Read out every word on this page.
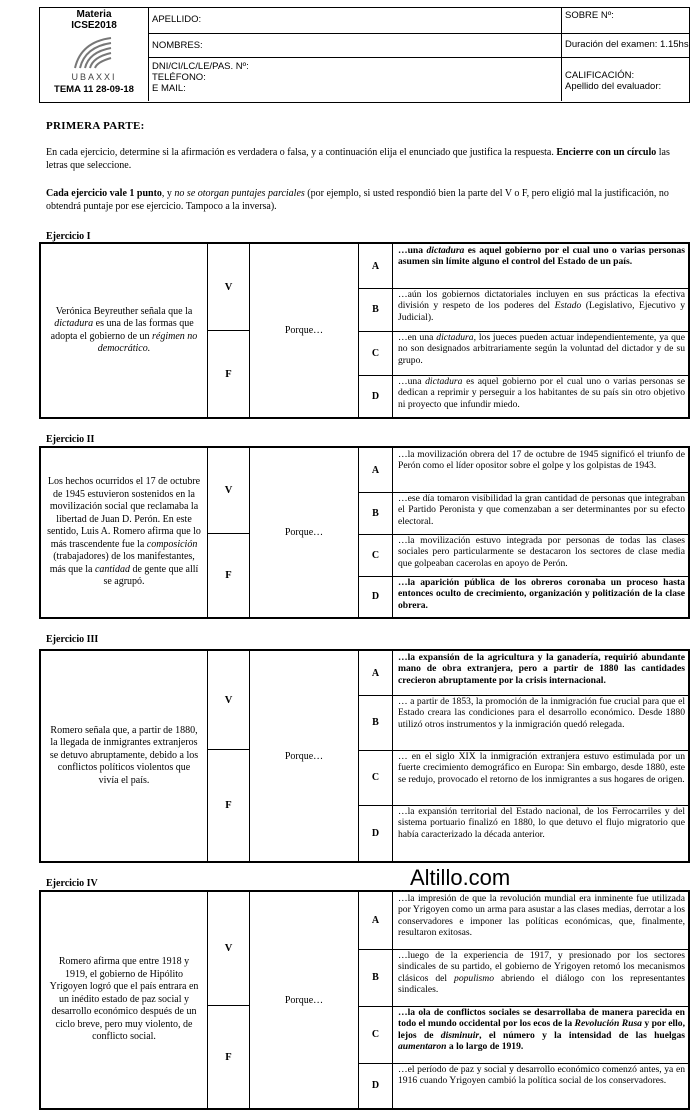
Materia
ICSE2018
UBAXXI
TEMA 11 28-09-18
APELLIDO:
NOMBRES:
DNI/CI/LC/LE/PAS. Nº:
TELÉFONO:
E MAIL:
SOBRE Nº:
Duración del examen: 1.15hs
CALIFICACIÓN:
Apellido del evaluador:
PRIMERA PARTE:
En cada ejercicio, determine si la afirmación es verdadera o falsa, y a continuación elija el enunciado que justifica la respuesta. Encierre con un círculo las letras que seleccione.
Cada ejercicio vale 1 punto, y no se otorgan puntajes parciales (por ejemplo, si usted respondió bien la parte del V o F, pero eligió mal la justificación, no obtendrá puntaje por ese ejercicio. Tampoco a la inversa).
Ejercicio I
Verónica Beyreuther señala que la dictadura es una de las formas que adopta el gobierno de un régimen no democrático.
V
F
Porque…
A
B
C
D
…una dictadura es aquel gobierno por el cual uno o varias personas asumen sin límite alguno el control del Estado de un país.
…aún los gobiernos dictatoriales incluyen en sus prácticas la efectiva división y respeto de los poderes del Estado (Legislativo, Ejecutivo y Judicial).
…en una dictadura, los jueces pueden actuar independientemente, ya que no son designados arbitrariamente según la voluntad del dictador y de su grupo.
…una dictadura es aquel gobierno por el cual uno o varias personas se dedican a reprimir y perseguir a los habitantes de su país sin otro objetivo ni proyecto que infundir miedo.
Ejercicio II
Los hechos ocurridos el 17 de octubre de 1945 estuvieron sostenidos en la movilización social que reclamaba la libertad de Juan D. Perón. En este sentido, Luis A. Romero afirma que lo más trascendente fue la composición (trabajadores) de los manifestantes, más que la cantidad de gente que allí se agrupó.
V
F
Porque…
A
B
C
D
…la movilización obrera del 17 de octubre de 1945 significó el triunfo de Perón como el líder opositor sobre el golpe y los golpistas de 1943.
…ese día tomaron visibilidad la gran cantidad de personas que integraban el Partido Peronista y que comenzaban a ser determinantes por su efecto electoral.
…la movilización estuvo integrada por personas de todas las clases sociales pero particularmente se destacaron los sectores de clase media que golpeaban cacerolas en apoyo de Perón.
…la aparición pública de los obreros coronaba un proceso hasta entonces oculto de crecimiento, organización y politización de la clase obrera.
Ejercicio III
Romero señala que, a partir de 1880, la llegada de inmigrantes extranjeros se detuvo abruptamente, debido a los conflictos políticos violentos que vivía el país.
V
F
Porque…
A
B
C
D
…la expansión de la agricultura y la ganadería, requirió abundante mano de obra extranjera, pero a partir de 1880 las cantidades crecieron abruptamente por la crisis internacional.
… a partir de 1853, la promoción de la inmigración fue crucial para que el Estado creara las condiciones para el desarrollo económico. Desde 1880 utilizó otros instrumentos y la inmigración quedó relegada.
… en el siglo XIX la inmigración extranjera estuvo estimulada por un fuerte crecimiento demográfico en Europa: Sin embargo, desde 1880, este se redujo, provocado el retorno de los inmigrantes a sus hogares de origen.
…la expansión territorial del Estado nacional, de los Ferrocarriles y del sistema portuario finalizó en 1880, lo que detuvo el flujo migratorio que había caracterizado la década anterior.
Altillo.com
Ejercicio IV
Romero afirma que entre 1918 y 1919, el gobierno de Hipólito Yrigoyen logró que el país entrara en un inédito estado de paz social y desarrollo económico después de un ciclo breve, pero muy violento, de conflicto social.
V
F
Porque…
A
B
C
D
…la impresión de que la revolución mundial era inminente fue utilizada por Yrigoyen como un arma para asustar a las clases medias, derrotar a los conservadores e imponer las políticas económicas, que, finalmente, resultaron exitosas.
…luego de la experiencia de 1917, y presionado por los sectores sindicales de su partido, el gobierno de Yrigoyen retomó los mecanismos clásicos del populismo abriendo el diálogo con los representantes sindicales.
…la ola de conflictos sociales se desarrollaba de manera parecida en todo el mundo occidental por los ecos de la Revolución Rusa y por ello, lejos de disminuir, el número y la intensidad de las huelgas aumentaron a lo largo de 1919.
…el período de paz y social y desarrollo económico comenzó antes, ya en 1916 cuando Yrigoyen cambió la política social de los conservadores.
